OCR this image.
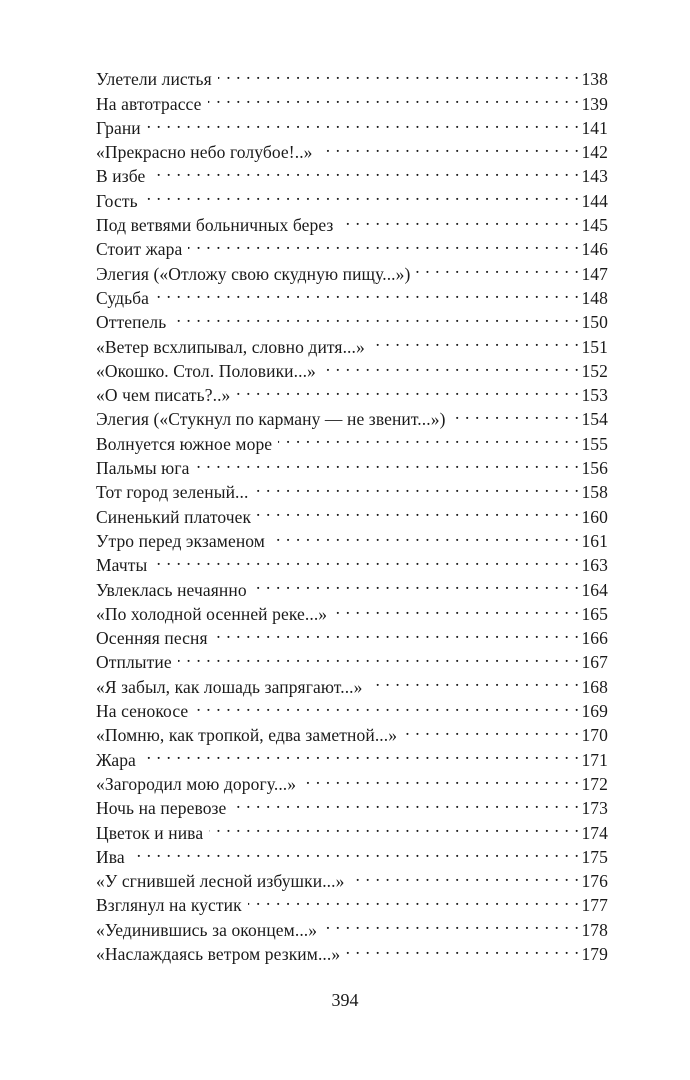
Улетели листья . . .	138
На автотрассе . . .	139
Грани . . .	141
«Прекрасно небо голубое!..» . . .	142
В избе . . .	143
Гость . . .	144
Под ветвями больничных берез . . .	145
Стоит жара . . .	146
Элегия («Отложу свою скудную пищу...») . . .	147
Судьба . . .	148
Оттепель . . .	150
«Ветер всхлипывал, словно дитя...» . . .	151
«Окошко. Стол. Половики...» . . .	152
«О чем писать?..» . . .	153
Элегия («Стукнул по карману — не звенит...») . . .	154
Волнуется южное море . . .	155
Пальмы юга . . .	156
Тот город зеленый... . . .	158
Синенький платочек . . .	160
Утро перед экзаменом . . .	161
Мачты . . .	163
Увлеклась нечаянно . . .	164
«По холодной осенней реке...» . . .	165
Осенняя песня . . .	166
Отплытие . . .	167
«Я забыл, как лошадь запрягают...» . . .	168
На сенокосе . . .	169
«Помню, как тропкой, едва заметной...» . . .	170
Жара . . .	171
«Загородил мою дорогу...» . . .	172
Ночь на перевозе . . .	173
Цветок и нива . . .	174
Ива . . .	175
«У сгнившей лесной избушки...» . . .	176
Взглянул на кустик . . .	177
«Уединившись за оконцем...» . . .	178
«Наслаждаясь ветром резким...» . . .	179
394
